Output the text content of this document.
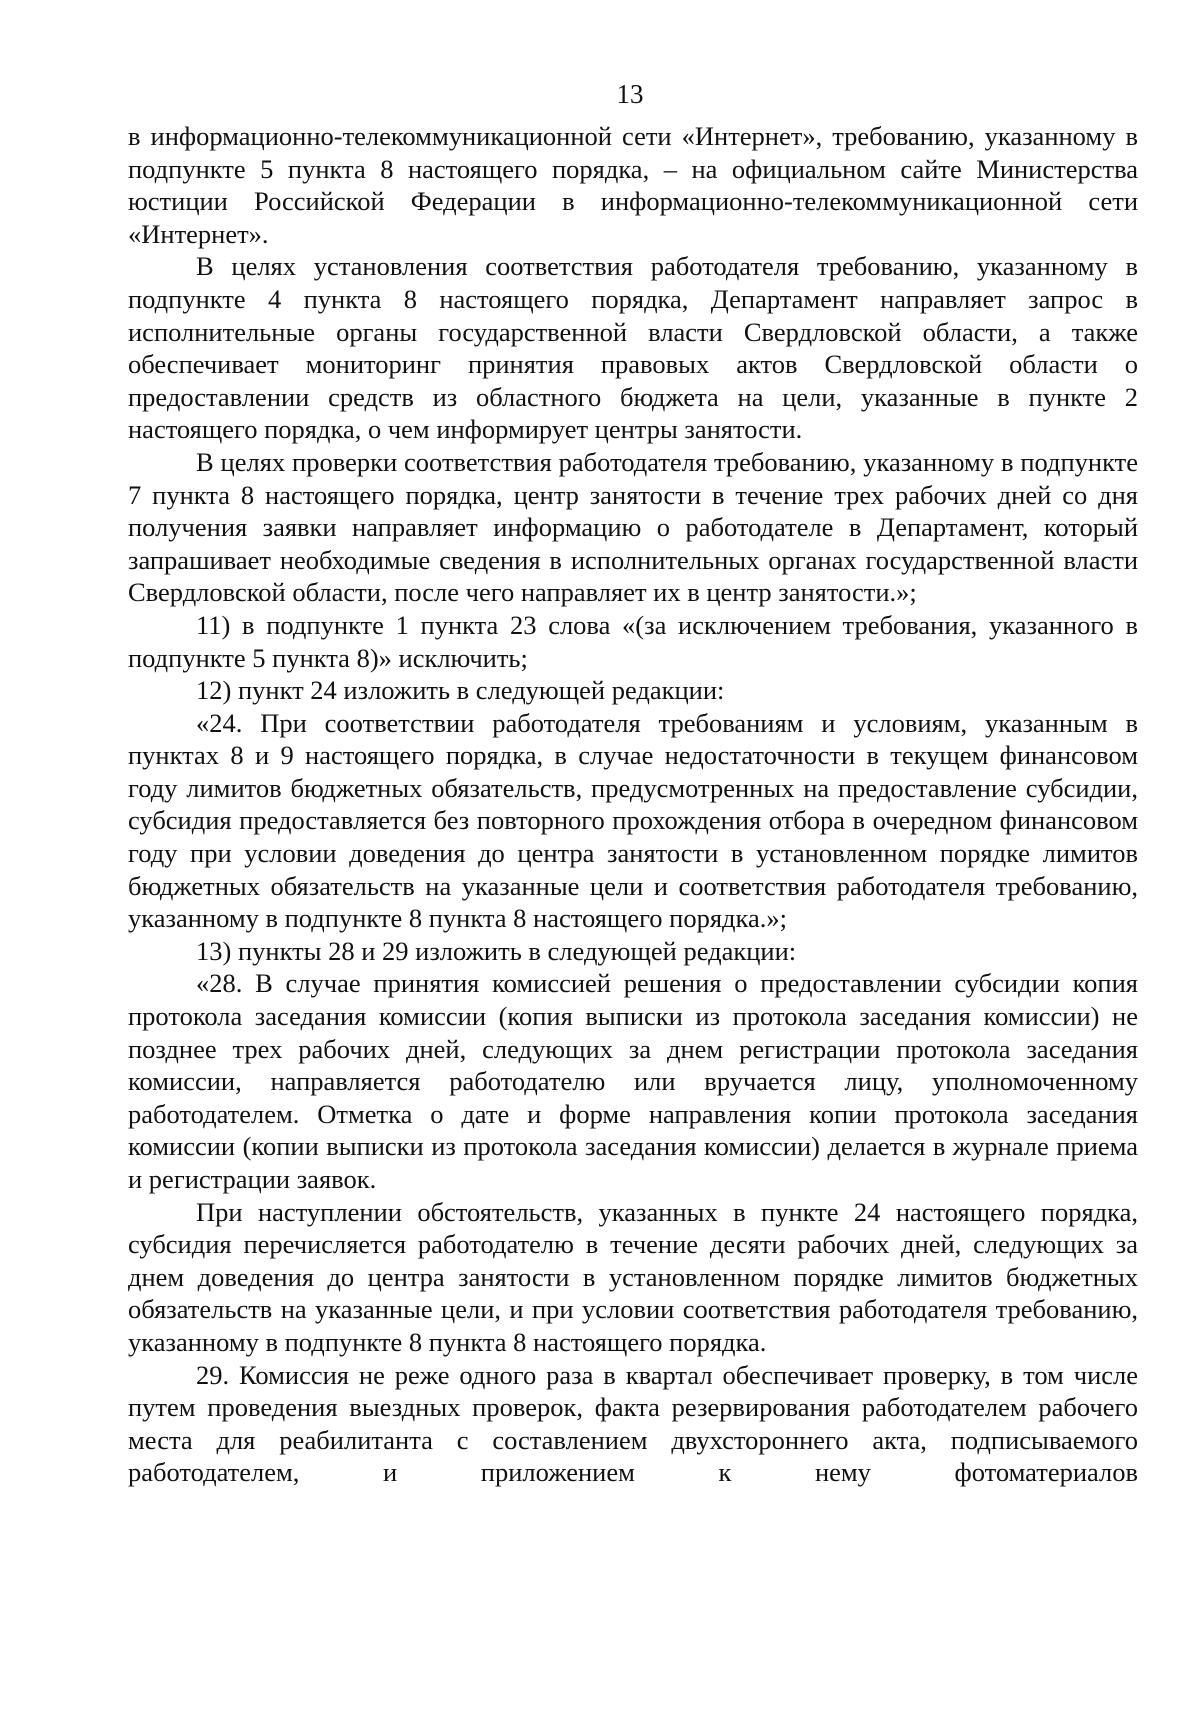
13

в информационно-телекоммуникационной сети «Интернет», требованию, указанному в подпункте 5 пункта 8 настоящего порядка, – на официальном сайте Министерства юстиции Российской Федерации в информационно-телекоммуникационной сети «Интернет».

В целях установления соответствия работодателя требованию, указанному в подпункте 4 пункта 8 настоящего порядка, Департамент направляет запрос в исполнительные органы государственной власти Свердловской области, а также обеспечивает мониторинг принятия правовых актов Свердловской области о предоставлении средств из областного бюджета на цели, указанные в пункте 2 настоящего порядка, о чем информирует центры занятости.

В целях проверки соответствия работодателя требованию, указанному в подпункте 7 пункта 8 настоящего порядка, центр занятости в течение трех рабочих дней со дня получения заявки направляет информацию о работодателе в Департамент, который запрашивает необходимые сведения в исполнительных органах государственной власти Свердловской области, после чего направляет их в центр занятости.»;

11) в подпункте 1 пункта 23 слова «(за исключением требования, указанного в подпункте 5 пункта 8)» исключить;

12) пункт 24 изложить в следующей редакции:

«24. При соответствии работодателя требованиям и условиям, указанным в пунктах 8 и 9 настоящего порядка, в случае недостаточности в текущем финансовом году лимитов бюджетных обязательств, предусмотренных на предоставление субсидии, субсидия предоставляется без повторного прохождения отбора в очередном финансовом году при условии доведения до центра занятости в установленном порядке лимитов бюджетных обязательств на указанные цели и соответствия работодателя требованию, указанному в подпункте 8 пункта 8 настоящего порядка.»;

13) пункты 28 и 29 изложить в следующей редакции:

«28. В случае принятия комиссией решения о предоставлении субсидии копия протокола заседания комиссии (копия выписки из протокола заседания комиссии) не позднее трех рабочих дней, следующих за днем регистрации протокола заседания комиссии, направляется работодателю или вручается лицу, уполномоченному работодателем. Отметка о дате и форме направления копии протокола заседания комиссии (копии выписки из протокола заседания комиссии) делается в журнале приема и регистрации заявок.

При наступлении обстоятельств, указанных в пункте 24 настоящего порядка, субсидия перечисляется работодателю в течение десяти рабочих дней, следующих за днем доведения до центра занятости в установленном порядке лимитов бюджетных обязательств на указанные цели, и при условии соответствия работодателя требованию, указанному в подпункте 8 пункта 8 настоящего порядка.

29. Комиссия не реже одного раза в квартал обеспечивает проверку, в том числе путем проведения выездных проверок, факта резервирования работодателем рабочего места для реабилитанта с составлением двухстороннего акта, подписываемого работодателем, и приложением к нему фотоматериалов
